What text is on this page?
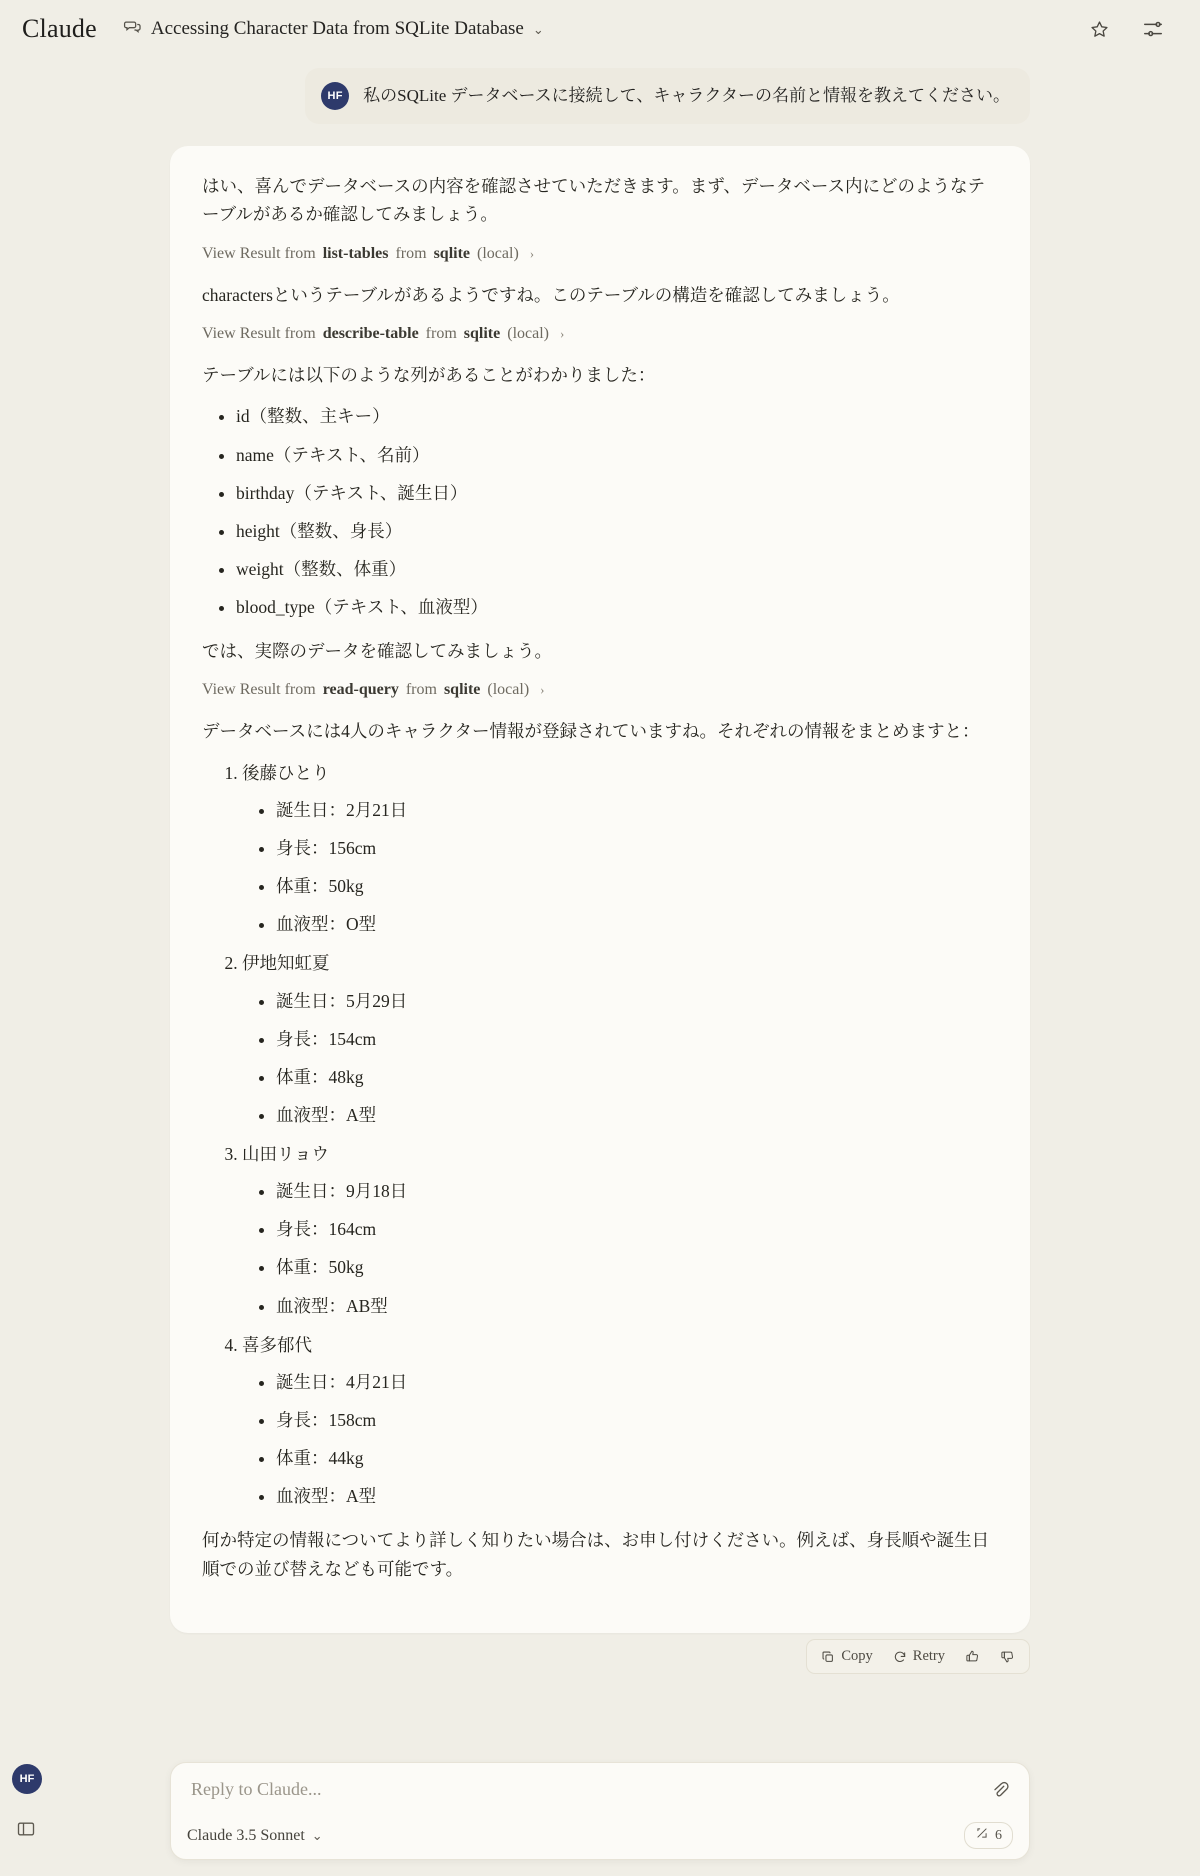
Claude	Accessing Character Data from SQLite Database ⌄
HF	私のSQLite データベースに接続して、キャラクターの名前と情報を教えてください。

はい、喜んでデータベースの内容を確認させていただきます。まず、データベース内にどのようなテーブルがあるか確認してみましょう。

View Result from list-tables from sqlite (local) ›

charactersというテーブルがあるようですね。このテーブルの構造を確認してみましょう。

View Result from describe-table from sqlite (local) ›

テーブルには以下のような列があることがわかりました：

• id（整数、主キー）
• name（テキスト、名前）
• birthday（テキスト、誕生日）
• height（整数、身長）
• weight（整数、体重）
• blood_type（テキスト、血液型）

では、実際のデータを確認してみましょう。

View Result from read-query from sqlite (local) ›

データベースには4人のキャラクター情報が登録されていますね。それぞれの情報をまとめますと：

1. 後藤ひとり
• 誕生日：2月21日
• 身長：156cm
• 体重：50kg
• 血液型：O型
2. 伊地知虹夏
• 誕生日：5月29日
• 身長：154cm
• 体重：48kg
• 血液型：A型
3. 山田リョウ
• 誕生日：9月18日
• 身長：164cm
• 体重：50kg
• 血液型：AB型
4. 喜多郁代
• 誕生日：4月21日
• 身長：158cm
• 体重：44kg
• 血液型：A型

何か特定の情報についてより詳しく知りたい場合は、お申し付けください。例えば、身長順や誕生日順での並び替えなども可能です。

Copy	Retry
HF
Reply to Claude...
Claude 3.5 Sonnet ⌄	6
